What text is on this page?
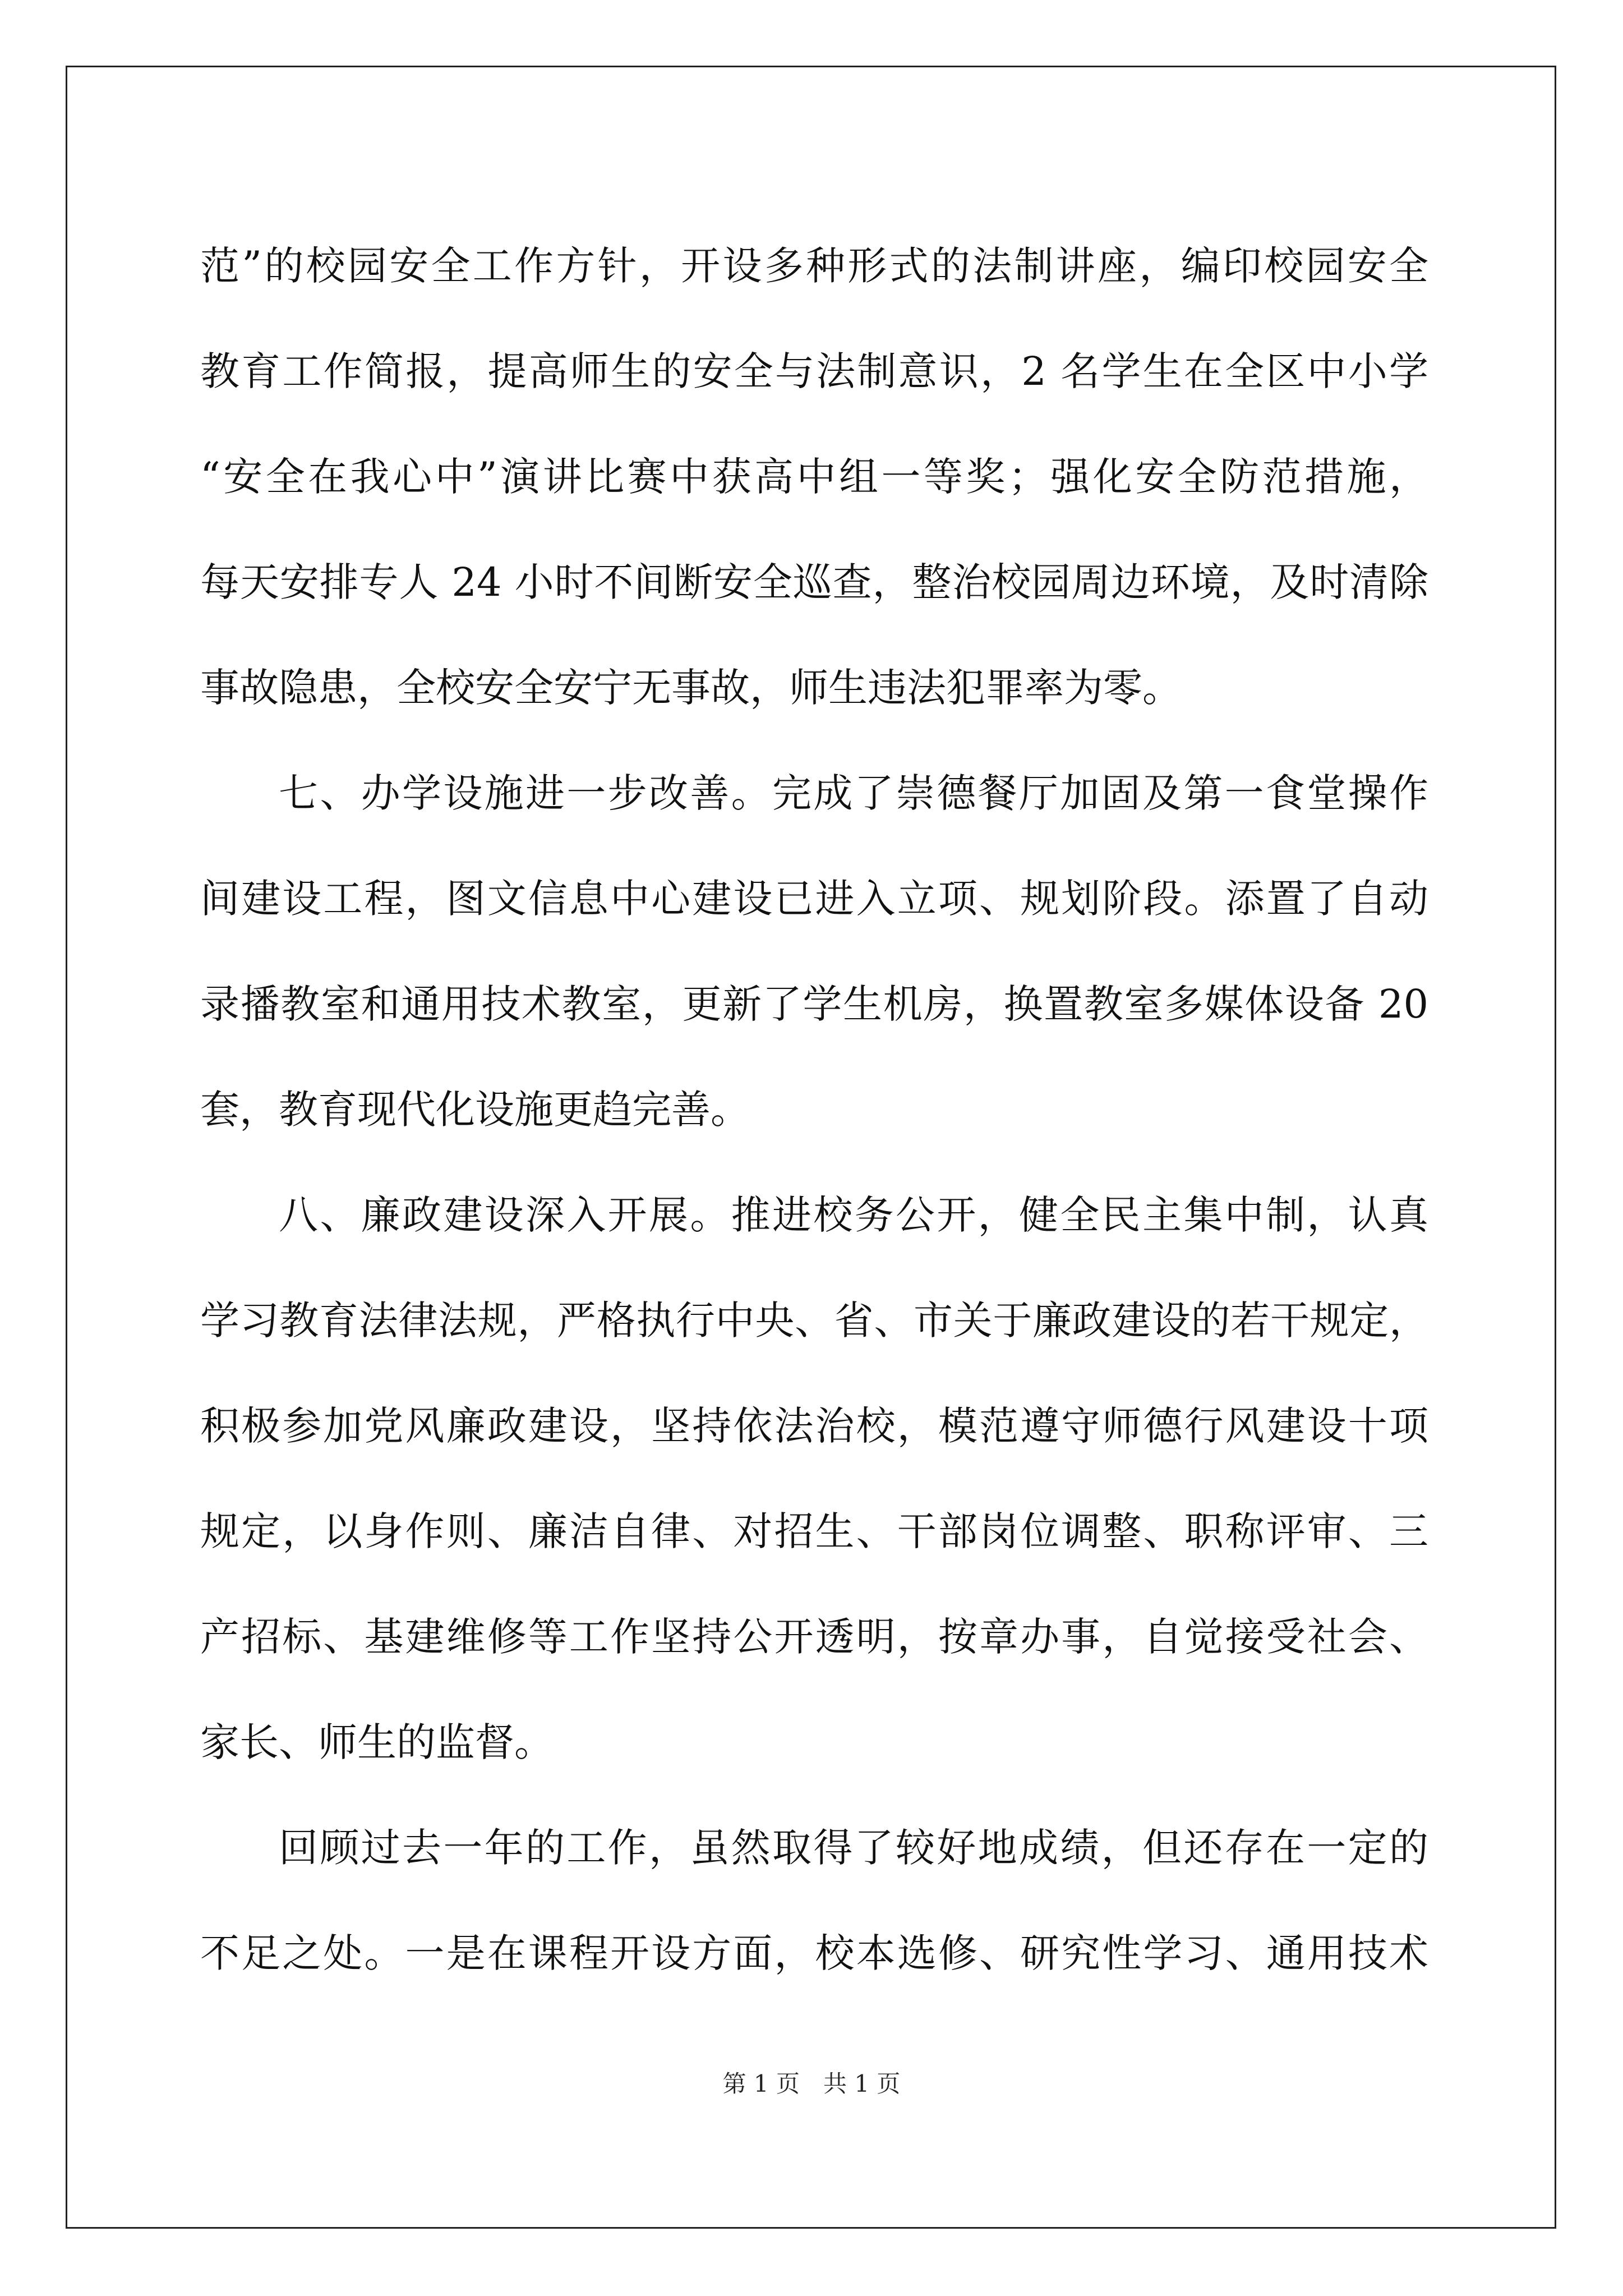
范”的校园安全工作方针，开设多种形式的法制讲座，编印校园安全
教育工作简报，提高师生的安全与法制意识，2 名学生在全区中小学
“安全在我心中”演讲比赛中获高中组一等奖；强化安全防范措施，
每天安排专人 24 小时不间断安全巡查，整治校园周边环境，及时清除
事故隐患，全校安全安宁无事故，师生违法犯罪率为零。
七、办学设施进一步改善。完成了崇德餐厅加固及第一食堂操作
间建设工程，图文信息中心建设已进入立项、规划阶段。添置了自动
录播教室和通用技术教室，更新了学生机房，换置教室多媒体设备 20
套，教育现代化设施更趋完善。
八、廉政建设深入开展。推进校务公开，健全民主集中制，认真
学习教育法律法规，严格执行中央、省、市关于廉政建设的若干规定，
积极参加党风廉政建设，坚持依法治校，模范遵守师德行风建设十项
规定，以身作则、廉洁自律、对招生、干部岗位调整、职称评审、三
产招标、基建维修等工作坚持公开透明，按章办事，自觉接受社会、
家长、师生的监督。
回顾过去一年的工作，虽然取得了较好地成绩，但还存在一定的
不足之处。一是在课程开设方面，校本选修、研究性学习、通用技术
第 1 页　共 1 页
